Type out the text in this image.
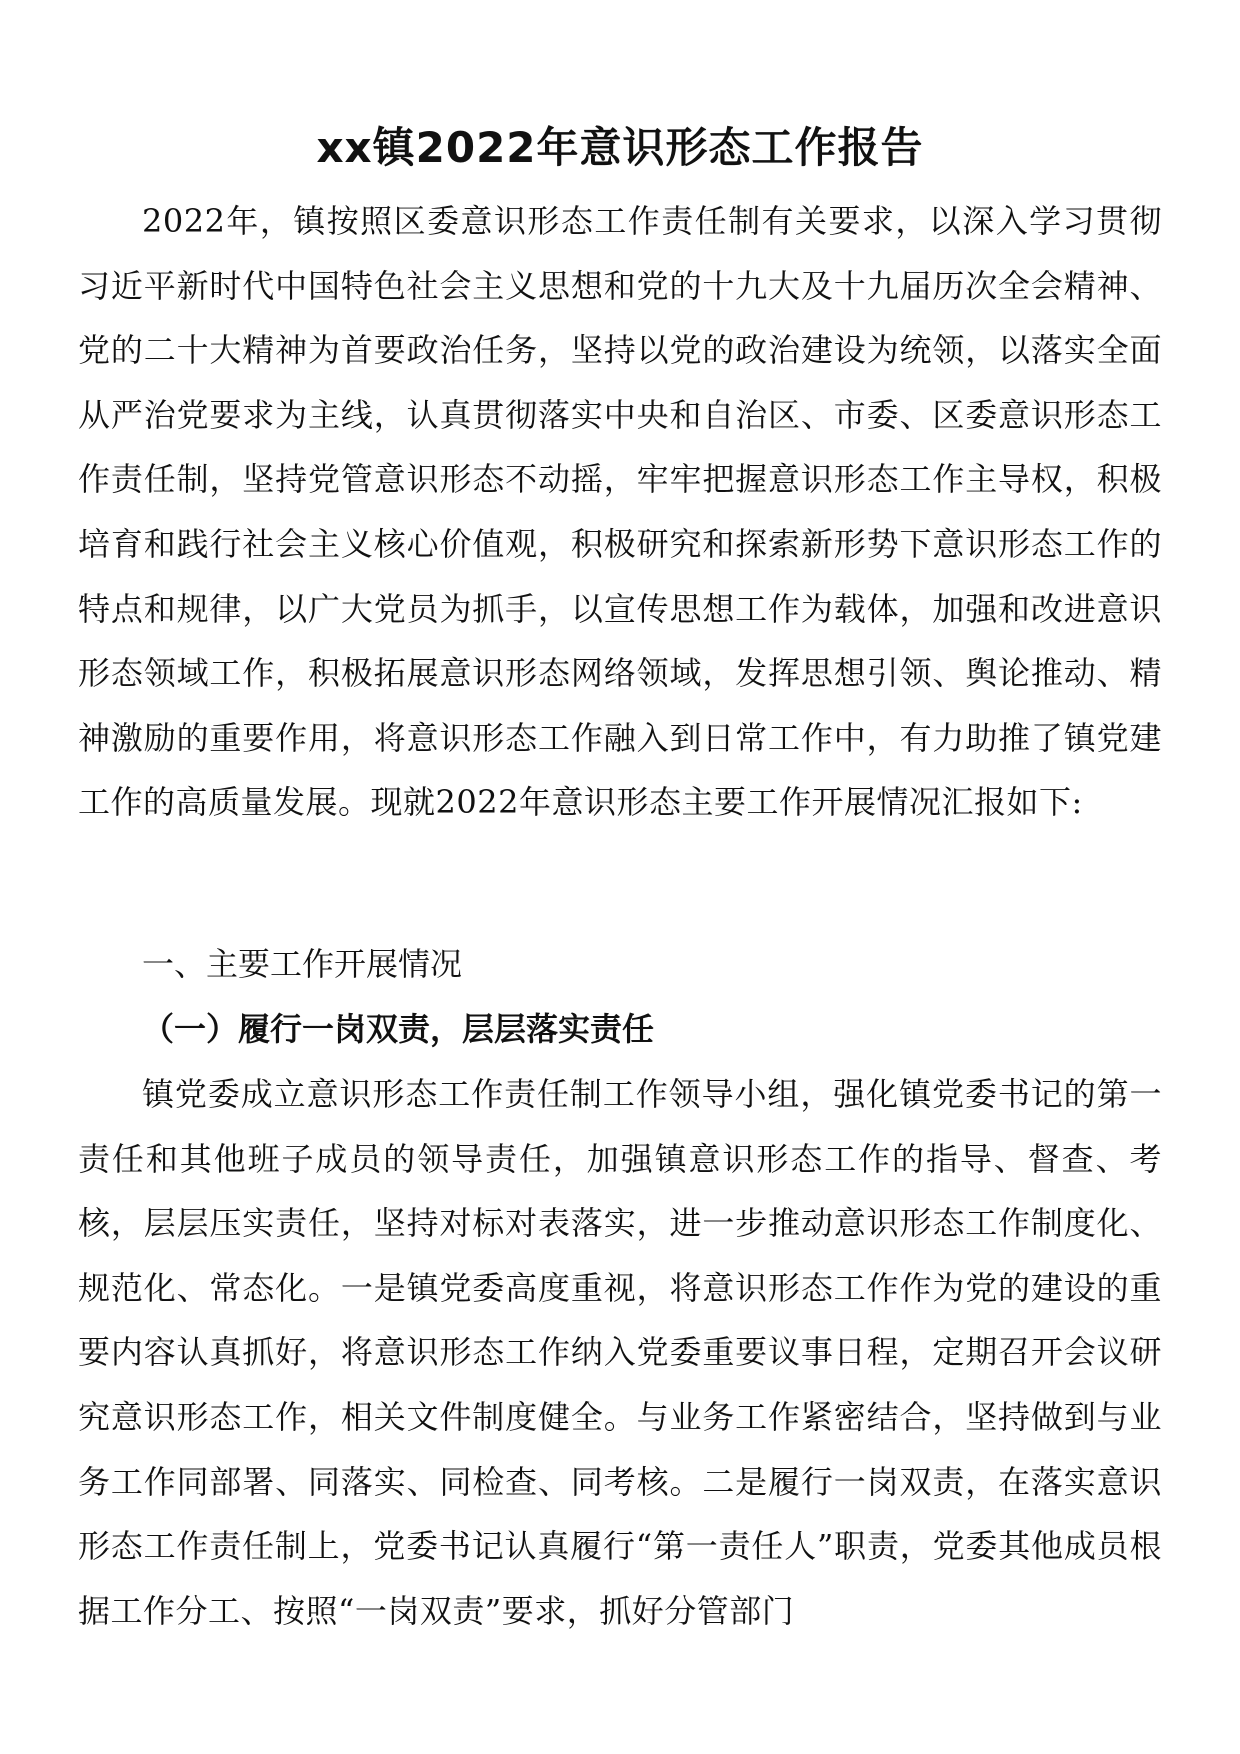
xx镇2022年意识形态工作报告

2022年，镇按照区委意识形态工作责任制有关要求，以深入学习贯彻习近平新时代中国特色社会主义思想和党的十九大及十九届历次全会精神、党的二十大精神为首要政治任务，坚持以党的政治建设为统领，以落实全面从严治党要求为主线，认真贯彻落实中央和自治区、市委、区委意识形态工作责任制，坚持党管意识形态不动摇，牢牢把握意识形态工作主导权，积极培育和践行社会主义核心价值观，积极研究和探索新形势下意识形态工作的特点和规律，以广大党员为抓手，以宣传思想工作为载体，加强和改进意识形态领域工作，积极拓展意识形态网络领域，发挥思想引领、舆论推动、精神激励的重要作用，将意识形态工作融入到日常工作中，有力助推了镇党建工作的高质量发展。现就2022年意识形态主要工作开展情况汇报如下:

一、主要工作开展情况

（一）履行一岗双责，层层落实责任

镇党委成立意识形态工作责任制工作领导小组，强化镇党委书记的第一责任和其他班子成员的领导责任，加强镇意识形态工作的指导、督查、考核，层层压实责任，坚持对标对表落实，进一步推动意识形态工作制度化、规范化、常态化。一是镇党委高度重视，将意识形态工作作为党的建设的重要内容认真抓好，将意识形态工作纳入党委重要议事日程，定期召开会议研究意识形态工作，相关文件制度健全。与业务工作紧密结合，坚持做到与业务工作同部署、同落实、同检查、同考核。二是履行一岗双责，在落实意识形态工作责任制上，党委书记认真履行“第一责任人”职责，党委其他成员根据工作分工、按照“一岗双责”要求，抓好分管部门
